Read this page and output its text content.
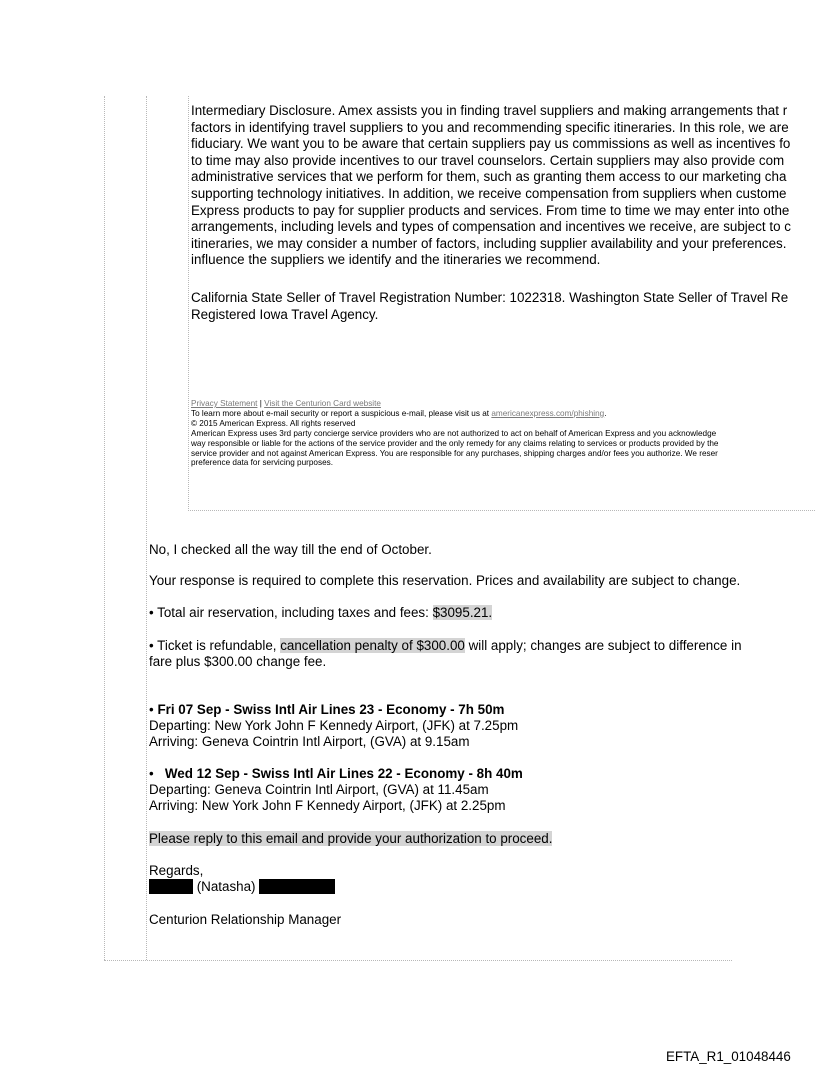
Intermediary Disclosure. Amex assists you in finding travel suppliers and making arrangements that r
factors in identifying travel suppliers to you and recommending specific itineraries. In this role, we are
fiduciary. We want you to be aware that certain suppliers pay us commissions as well as incentives fo
to time may also provide incentives to our travel counselors. Certain suppliers may also provide com
administrative services that we perform for them, such as granting them access to our marketing cha
supporting technology initiatives. In addition, we receive compensation from suppliers when custome
Express products to pay for supplier products and services. From time to time we may enter into othe
arrangements, including levels and types of compensation and incentives we receive, are subject to c
itineraries, we may consider a number of factors, including supplier availability and your preferences.
influence the suppliers we identify and the itineraries we recommend.
California State Seller of Travel Registration Number: 1022318. Washington State Seller of Travel Re
Registered Iowa Travel Agency.
Privacy Statement | Visit the Centurion Card website
To learn more about e-mail security or report a suspicious e-mail, please visit us at americanexpress.com/phishing.
© 2015 American Express. All rights reserved
American Express uses 3rd party concierge service providers who are not authorized to act on behalf of American Express and you acknowledge
way responsible or liable for the actions of the service provider and the only remedy for any claims relating to services or products provided by the
service provider and not against American Express. You are responsible for any purchases, shipping charges and/or fees you authorize. We reser
preference data for servicing purposes.
No, I checked all the way till the end of October.
Your response is required to complete this reservation. Prices and availability are subject to change.
• Total air reservation, including taxes and fees: $3095.21.
• Ticket is refundable, cancellation penalty of $300.00 will apply; changes are subject to difference in
fare plus $300.00 change fee.
• Fri 07 Sep - Swiss Intl Air Lines 23 - Economy - 7h 50m
Departing: New York John F Kennedy Airport, (JFK) at 7.25pm
Arriving: Geneva Cointrin Intl Airport, (GVA) at 9.15am
• Wed 12 Sep - Swiss Intl Air Lines 22 - Economy - 8h 40m
Departing: Geneva Cointrin Intl Airport, (GVA) at 11.45am
Arriving: New York John F Kennedy Airport, (JFK) at 2.25pm
Please reply to this email and provide your authorization to proceed.
Regards,
(Natasha)
Centurion Relationship Manager
EFTA_R1_01048446
